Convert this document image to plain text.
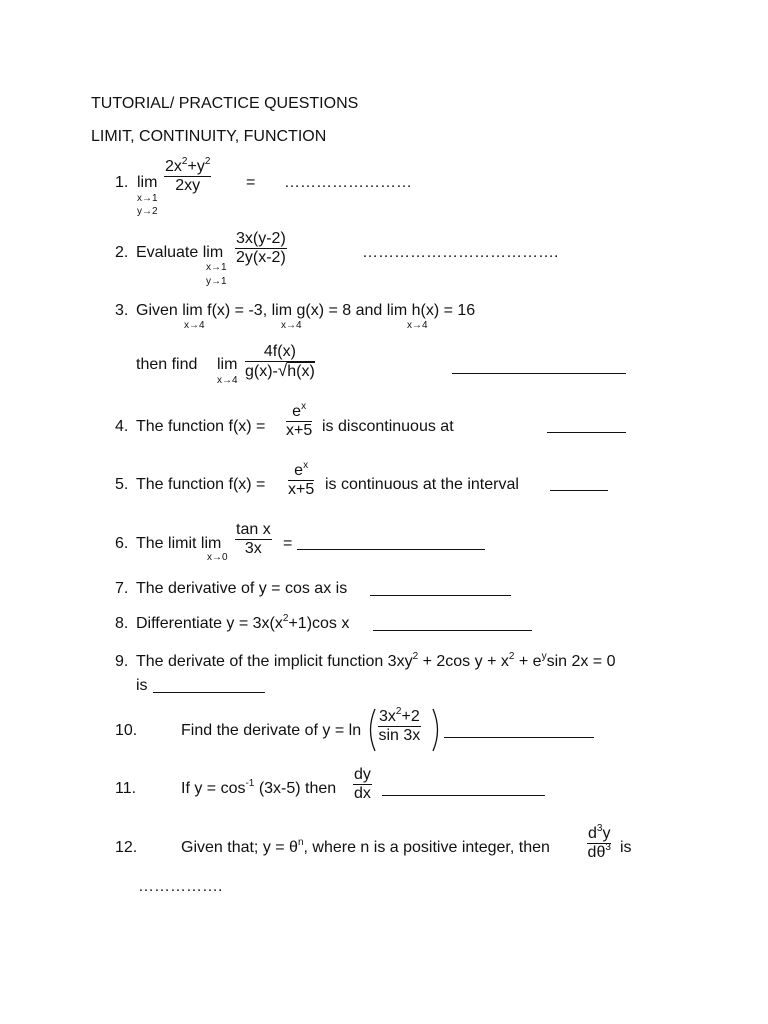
TUTORIAL/ PRACTICE QUESTIONS
LIMIT, CONTINUITY, FUNCTION
1. lim
x→1
y→2
$\frac{2x^2+y^2}{2xy}$ = ……………………
2. Evaluate lim
x→1
y→1
$\frac{3x(y-2)}{2y(x-2)}$	……………………………….
3. Given lim f(x) = -3, lim g(x) = 8 and lim h(x) = 16
x→4	x→4	x→4
then find lim
$x\to 4 \frac{4f(x)}{g(x)-√h(x)}$
4. The function $f(x) = \frac{e^x}{x+5}$ is discontinuous at
5. The function $f(x) = \frac{e^x}{x+5}$ is continuous at the interval
6. The limit lim
$x\to 0 \frac{\text{tan x}}{3x}$ =
7. The derivative of y = cos ax is
8. Differentiate $y = 3x(x^2+1)\cos$ x
9. The derivate of the implicit function $3xy^2 + 2\cos$ $y + x^2 + e^y\sin$ 2x = 0
is
10.	Find the derivate of $y = \ln \frac{3x^2+2}{\sin 3x}$
11.	If $y = \cos^{-1} (3x-5)$ then $\frac{dy}{dx}$
12.	Given that; $y = \theta^n$, where n is a positive integer, then $\frac{d^3y}{d\theta^3}$ is
…………….
